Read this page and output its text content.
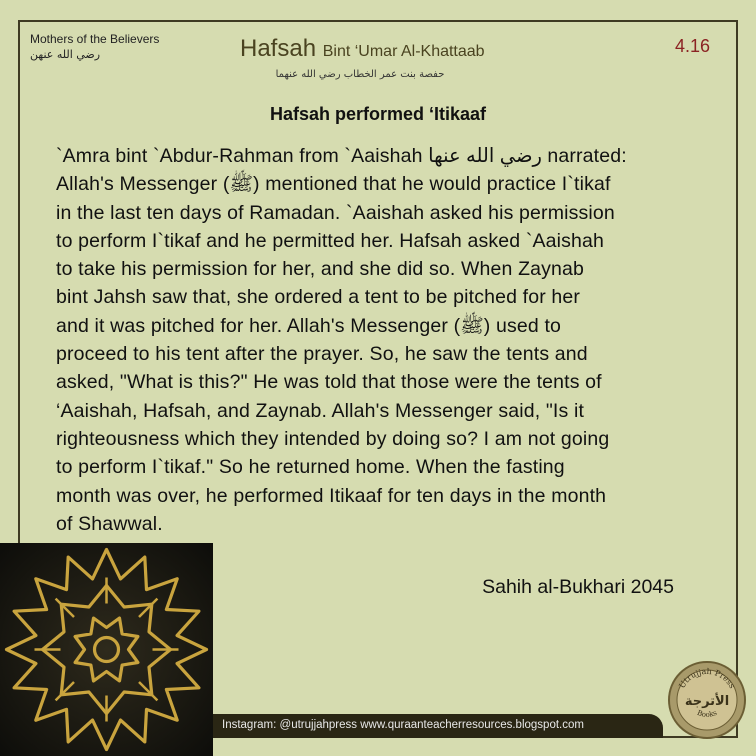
Mothers of the Believers
رضي الله عنهن	Hafsah Bint ‘Umar Al-Khattaab
حفصة بنت عمر الخطاب رضي الله عنهما
4.16
Hafsah performed ‘Itikaaf

`Amra bint `Abdur-Rahman from `Aaishah رضي الله عنها narrated:

Allah's Messenger (ﷺ) mentioned that he would practice I`tikaf

in the last ten days of Ramadan. `Aaishah asked his permission

to perform I`tikaf and he permitted her. Hafsah asked `Aaishah

to take his permission for her, and she did so. When Zaynab

bint Jahsh saw that, she ordered a tent to be pitched for her

and it was pitched for her. Allah's Messenger (ﷺ) used to

proceed to his tent after the prayer. So, he saw the tents and

asked, "What is this?" He was told that those were the tents of

‘Aaishah, Hafsah, and Zaynab. Allah's Messenger said, "Is it

righteousness which they intended by doing so? I am not going

to perform I`tikaf." So he returned home. When the fasting

month was over, he performed Itikaaf for ten days in the month

of Shawwal.

Sahih al-Bukhari 2045
Instagram: @utrujjahpress www.quraanteacherresources.blogspot.com
Utrujjah Press
الأترجة
Books
